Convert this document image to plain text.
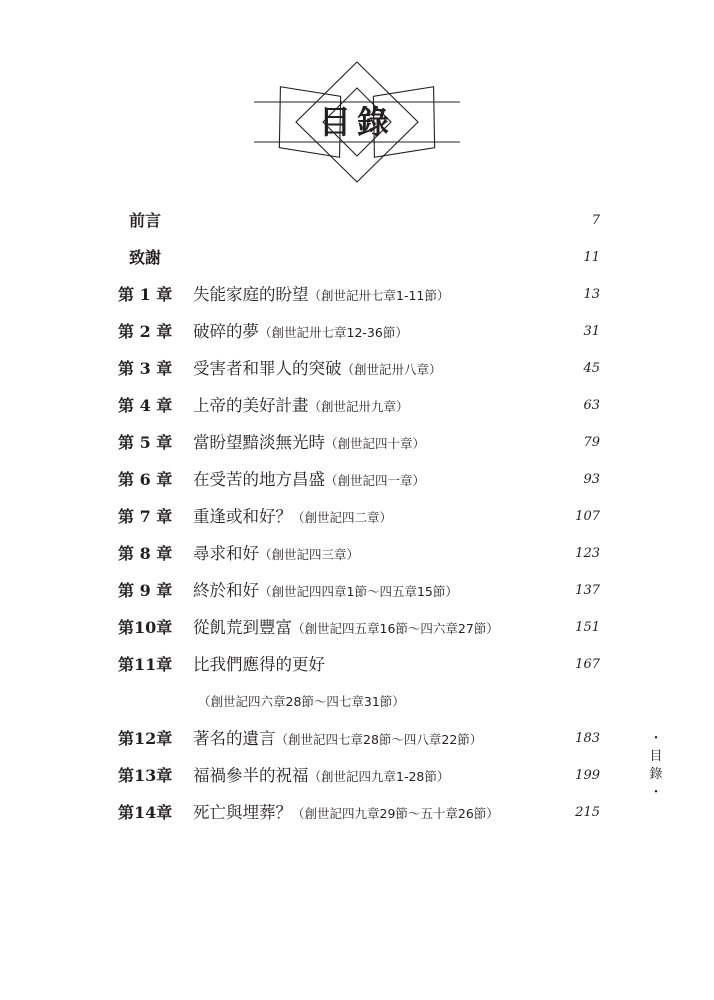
目錄
前言	7
致謝	11
第 1 章 失能家庭的盼望（創世記卅七章1-11節）	13
第 2 章 破碎的夢（創世記卅七章12-36節）	31
第 3 章 受害者和罪人的突破（創世記卅八章）	45
第 4 章 上帝的美好計畫（創世記卅九章）	63
第 5 章 當盼望黯淡無光時（創世記四十章）	79
第 6 章 在受苦的地方昌盛（創世記四一章）	93
第 7 章 重逢或和好？（創世記四二章）	107
第 8 章 尋求和好（創世記四三章）	123
第 9 章 終於和好（創世記四四章1節～四五章15節）	137
第10章 從飢荒到豐富（創世記四五章16節～四六章27節）	151
第11章 比我們應得的更好	167
（創世記四六章28節～四七章31節）
第12章 著名的遺言（創世記四七章28節～四八章22節）	183
第13章 福禍參半的祝福（創世記四九章1-28節）	199
第14章 死亡與埋葬？（創世記四九章29節～五十章26節）	215
・
目
錄
・
